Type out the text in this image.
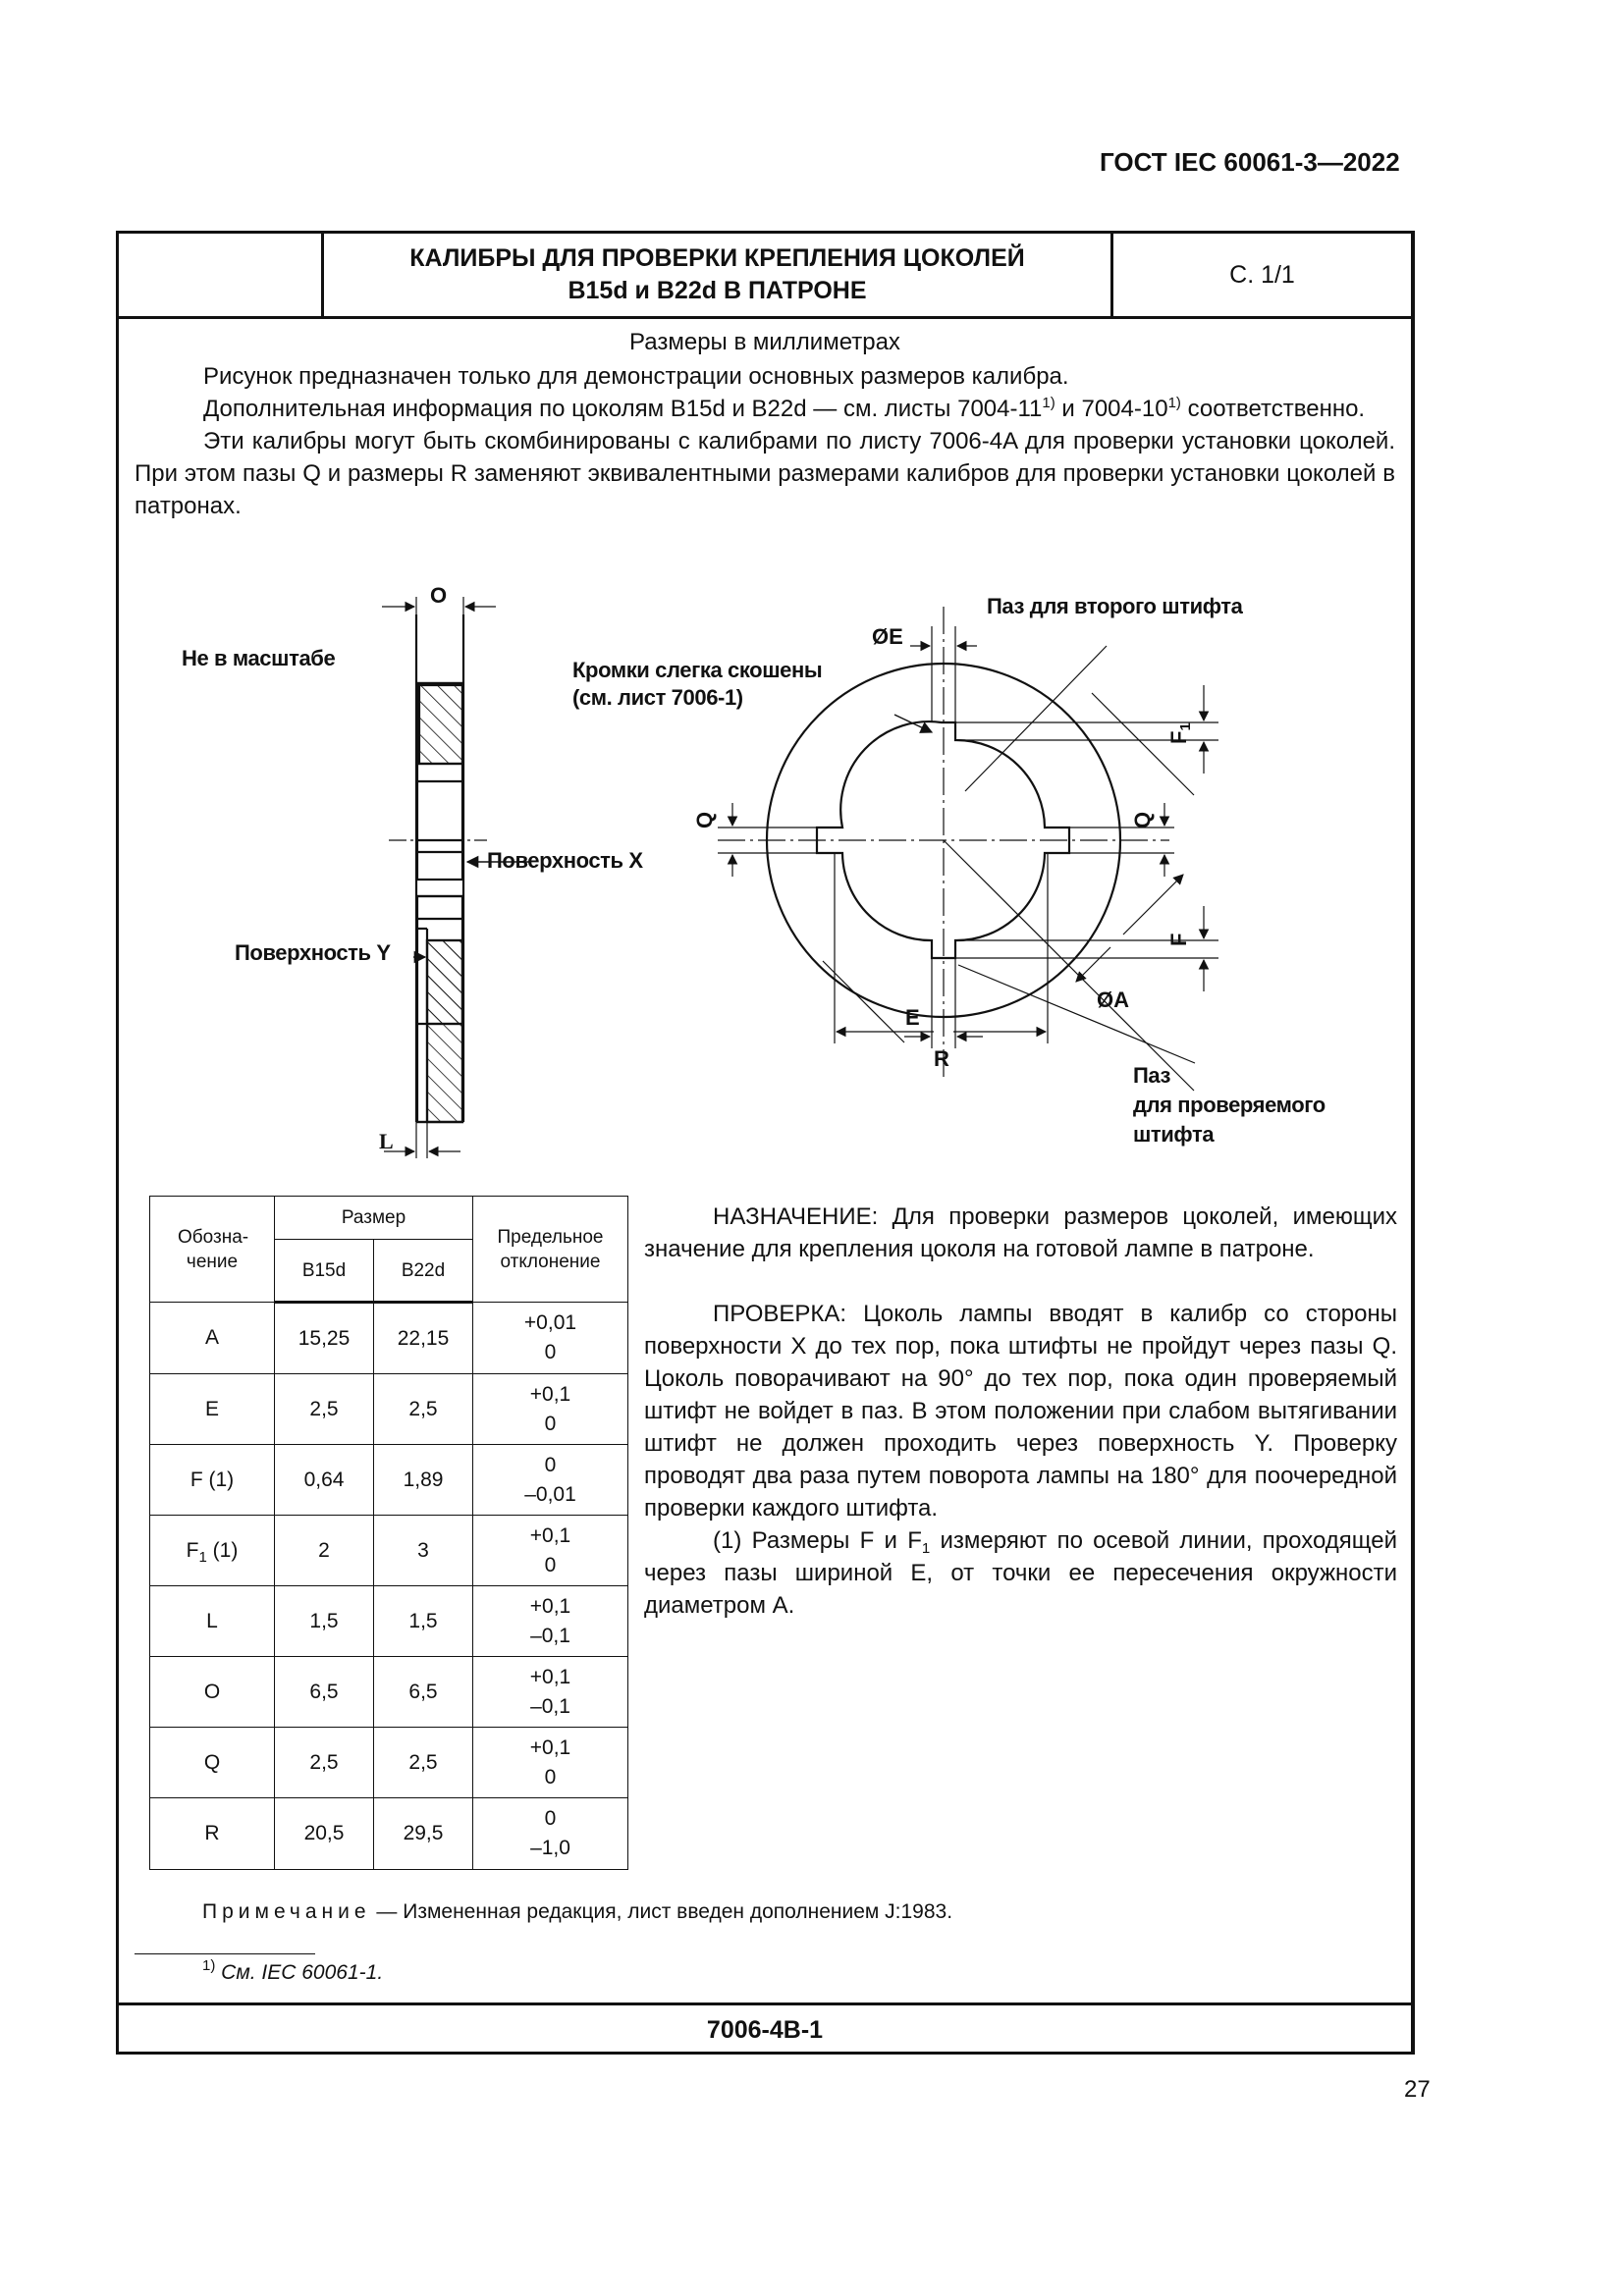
ГОСТ IEC 60061-3—2022
КАЛИБРЫ ДЛЯ ПРОВЕРКИ КРЕПЛЕНИЯ ЦОКОЛЕЙ
B15d и B22d В ПАТРОНЕ
С. 1/1
Размеры в миллиметрах

Рисунок предназначен только для демонстрации основных размеров калибра.

Дополнительная информация по цоколям B15d и B22d — см. листы 7004-11$^{1)}$ и 7004-10$^{1)}$ соответственно.

Эти калибры могут быть скомбинированы с калибрами по листу 7006-4A для проверки установки цоколей. При этом пазы Q и размеры R заменяют эквивалентными размерами калибров для проверки установки цоколей в патронах.

O
L
Не в масштабе
Поверхность X
Поверхность Y
ØE
Паз для второго штифта
Кромки слегка скошены
(см. лист 7006-1)
Q	Q
F1
F
ØA
E
R
Паз
для проверяемого
штифта
Обозна- чение	Размер		Предельное отклонение

	B15d	B22d	
A	15,25	22,15	+0,01
0

E	2,5	2,5	+0,1
0

F (1)	0,64	1,89	0
–0,01

$F_1$ (1)	2	3	+0,1
0

L	1,5	1,5	+0,1
–0,1

O	6,5	6,5	+0,1
–0,1

Q	2,5	2,5	+0,1
0

R	20,5	29,5	0
–1,0

НАЗНАЧЕНИЕ: Для проверки размеров цоколей, имеющих значение для крепления цоколя на готовой лампе в патроне.

ПРОВЕРКА: Цоколь лампы вводят в калибр со стороны поверхности X до тех пор, пока штифты не пройдут через пазы Q. Цоколь поворачивают на 90° до тех пор, пока один проверяемый штифт не войдет в паз. В этом положении при слабом вытягивании штифт не должен проходить через поверхность Y. Проверку проводят два раза путем поворота лампы на 180° для поочередной проверки каждого штифта.

(1) Размеры F и $F_1$ измеряют по осевой линии, проходящей через пазы шириной E, от точки ее пересечения окружности диаметром A.

Примечание — Измененная редакция, лист введен дополнением J:1983.
$^{1)}$ См. IEC 60061-1.
7006-4B-1
27
